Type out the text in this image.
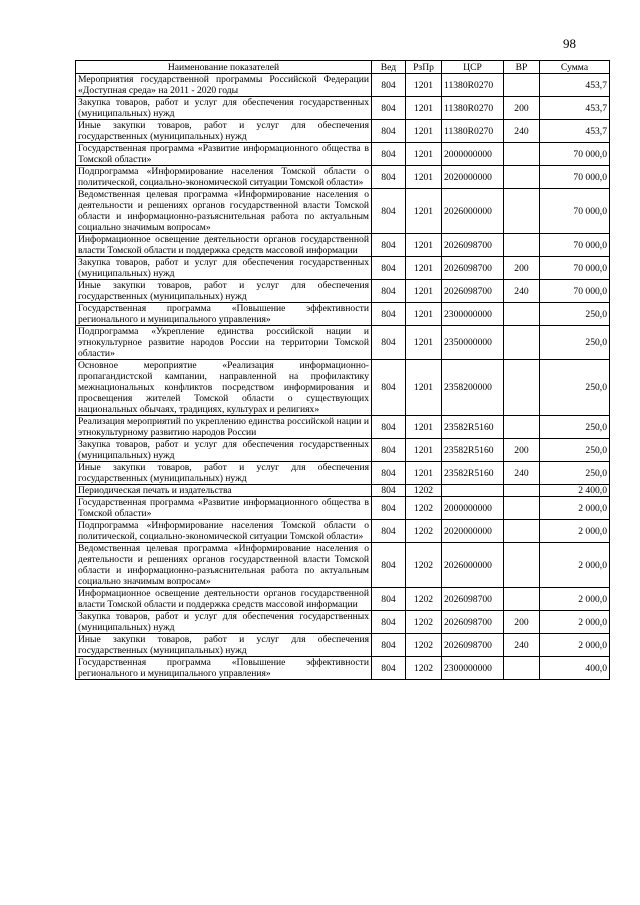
98
Наименование показателей	Вед	РзПр	ЦСР	ВР	Сумма
Мероприятия государственной программы Российской Федерации «Доступная среда» на 2011 - 2020 годы	804	1201	11380R0270		453,7
Закупка товаров, работ и услуг для обеспечения государственных (муниципальных) нужд	804	1201	11380R0270	200	453,7
Иные закупки товаров, работ и услуг для обеспечения государственных (муниципальных) нужд	804	1201	11380R0270	240	453,7
Государственная программа «Развитие информационного общества в Томской области»	804	1201	2000000000		70 000,0
Подпрограмма «Информирование населения Томской области о политической, социально-экономической ситуации Томской области»	804	1201	2020000000		70 000,0
Ведомственная целевая программа «Информирование населения о деятельности и решениях органов государственной власти Томской области и информационно-разъяснительная работа по актуальным социально значимым вопросам»	804	1201	2026000000		70 000,0
Информационное освещение деятельности органов государственной власти Томской области и поддержка средств массовой информации	804	1201	2026098700		70 000,0
Закупка товаров, работ и услуг для обеспечения государственных (муниципальных) нужд	804	1201	2026098700	200	70 000,0
Иные закупки товаров, работ и услуг для обеспечения государственных (муниципальных) нужд	804	1201	2026098700	240	70 000,0
Государственная программа «Повышение эффективности регионального и муниципального управления»	804	1201	2300000000		250,0
Подпрограмма «Укрепление единства российской нации и этнокультурное развитие народов России на территории Томской области»	804	1201	2350000000		250,0
Основное мероприятие «Реализация информационно-пропагандистской кампании, направленной на профилактику межнациональных конфликтов посредством информирования и просвещения жителей Томской области о существующих национальных обычаях, традициях, культурах и религиях»	804	1201	2358200000		250,0
Реализация мероприятий по укреплению единства российской нации и этнокультурному развитию народов России	804	1201	23582R5160		250,0
Закупка товаров, работ и услуг для обеспечения государственных (муниципальных) нужд	804	1201	23582R5160	200	250,0
Иные закупки товаров, работ и услуг для обеспечения государственных (муниципальных) нужд	804	1201	23582R5160	240	250,0
Периодическая печать и издательства	804	1202			2 400,0
Государственная программа «Развитие информационного общества в Томской области»	804	1202	2000000000		2 000,0
Подпрограмма «Информирование населения Томской области о политической, социально-экономической ситуации Томской области»	804	1202	2020000000		2 000,0
Ведомственная целевая программа «Информирование населения о деятельности и решениях органов государственной власти Томской области и информационно-разъяснительная работа по актуальным социально значимым вопросам»	804	1202	2026000000		2 000,0
Информационное освещение деятельности органов государственной власти Томской области и поддержка средств массовой информации	804	1202	2026098700		2 000,0
Закупка товаров, работ и услуг для обеспечения государственных (муниципальных) нужд	804	1202	2026098700	200	2 000,0
Иные закупки товаров, работ и услуг для обеспечения государственных (муниципальных) нужд	804	1202	2026098700	240	2 000,0
Государственная программа «Повышение эффективности регионального и муниципального управления»	804	1202	2300000000		400,0
